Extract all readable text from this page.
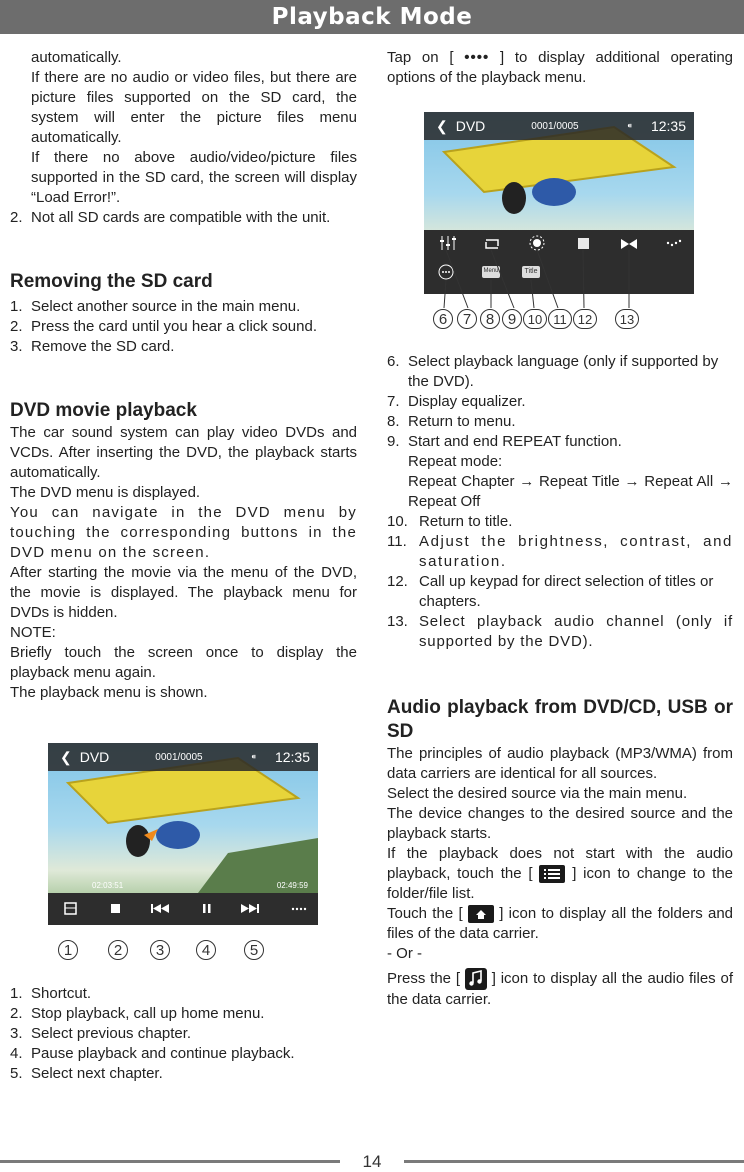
Playback Mode

automatically.

If there are no audio or video files, but there are picture files supported on the SD card, the system will enter the picture files menu automatically.

If there no above audio/video/picture files supported in the SD card, the screen will display “Load Error!”.

2. Not all SD cards are compatible with the unit.
Removing the SD card
1. Select another source in the main menu.
2. Press the card until you hear a click sound.
3. Remove the SD card.
DVD movie playback

The car sound system can play video DVDs and VCDs. After inserting the DVD, the playback starts automatically.

The DVD menu is displayed.

You can navigate in the DVD menu by touching the corresponding buttons in the DVD menu on the screen.

After starting the movie via the menu of the DVD, the movie is displayed. The playback menu for DVDs is hidden.

NOTE:

Briefly touch the screen once to display the playback menu again.

The playback menu is shown.

❮ DVD	0001/0005	⁌ 12:35
02:03:51	02:49:59
1	2	3	4	5
1. Shortcut.
2. Stop playback, call up home menu.
3. Select previous chapter.
4. Pause playback and continue playback.
5. Select next chapter.
Tap on [ •••• ] to display additional operating options of the playback menu.
❮ DVD	0001/0005	⁌ 12:35
Menu	Title
6	7 8 9 10 11 12	13
6. Select playback language (only if supported by the DVD).
7. Display equalizer.
8. Return to menu.
9. Start and end REPEAT function.

Repeat mode:

Repeat Chapter → Repeat Title → Repeat All → Repeat Off

10. Return to title.
11. Adjust the brightness, contrast, and saturation.
12. Call up keypad for direct selection of titles or chapters.
13. Select playback audio channel (only if supported by the DVD).
Audio playback from DVD/CD, USB or SD

The principles of audio playback (MP3/WMA) from data carriers are identical for all sources.

Select the desired source via the main menu.

The device changes to the desired source and the playback starts.

If the playback does not start with the audio playback, touch the [	] icon to change to the folder/file list.

Touch the [ ] icon to display all the folders and files of the data carrier.

- Or -

Press the [ ] icon to display all the audio files of the data carrier.

14
